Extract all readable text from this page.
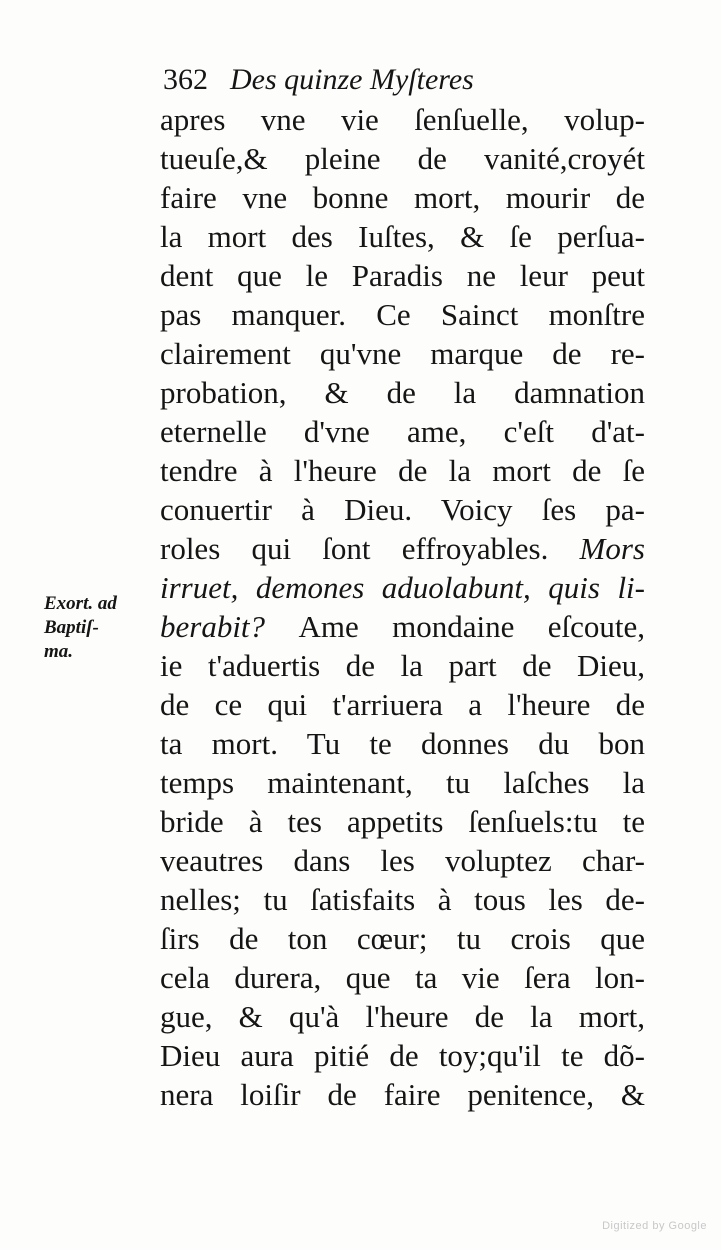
362 Des quinze Myſteres
apres vne vie ſenſuelle, volup-
tueuſe,& pleine de vanité,croyét
faire vne bonne mort, mourir de
la mort des Iuſtes, & ſe perſua-
dent que le Paradis ne leur peut
pas manquer. Ce Sainct monſtre
clairement qu'vne marque de re-
probation, & de la damnation
eternelle d'vne ame, c'eſt d'at-
tendre à l'heure de la mort de ſe
conuertir à Dieu. Voicy ſes pa-
roles qui ſont effroyables. Mors
irruet, demones aduolabunt, quis li-
berabit? Ame mondaine eſcoute,
ie t'aduertis de la part de Dieu,
de ce qui t'arriuera a l'heure de
ta mort. Tu te donnes du bon
temps maintenant, tu laſches la
bride à tes appetits ſenſuels:tu te
veautres dans les voluptez char-
nelles; tu ſatisfaits à tous les de-
ſirs de ton cœur; tu crois que
cela durera, que ta vie ſera lon-
gue, & qu'à l'heure de la mort,
Dieu aura pitié de toy;qu'il te dõ-
nera loiſir de faire penitence, &
Exort. ad
Baptiſ-
ma.
Digitized by Google
